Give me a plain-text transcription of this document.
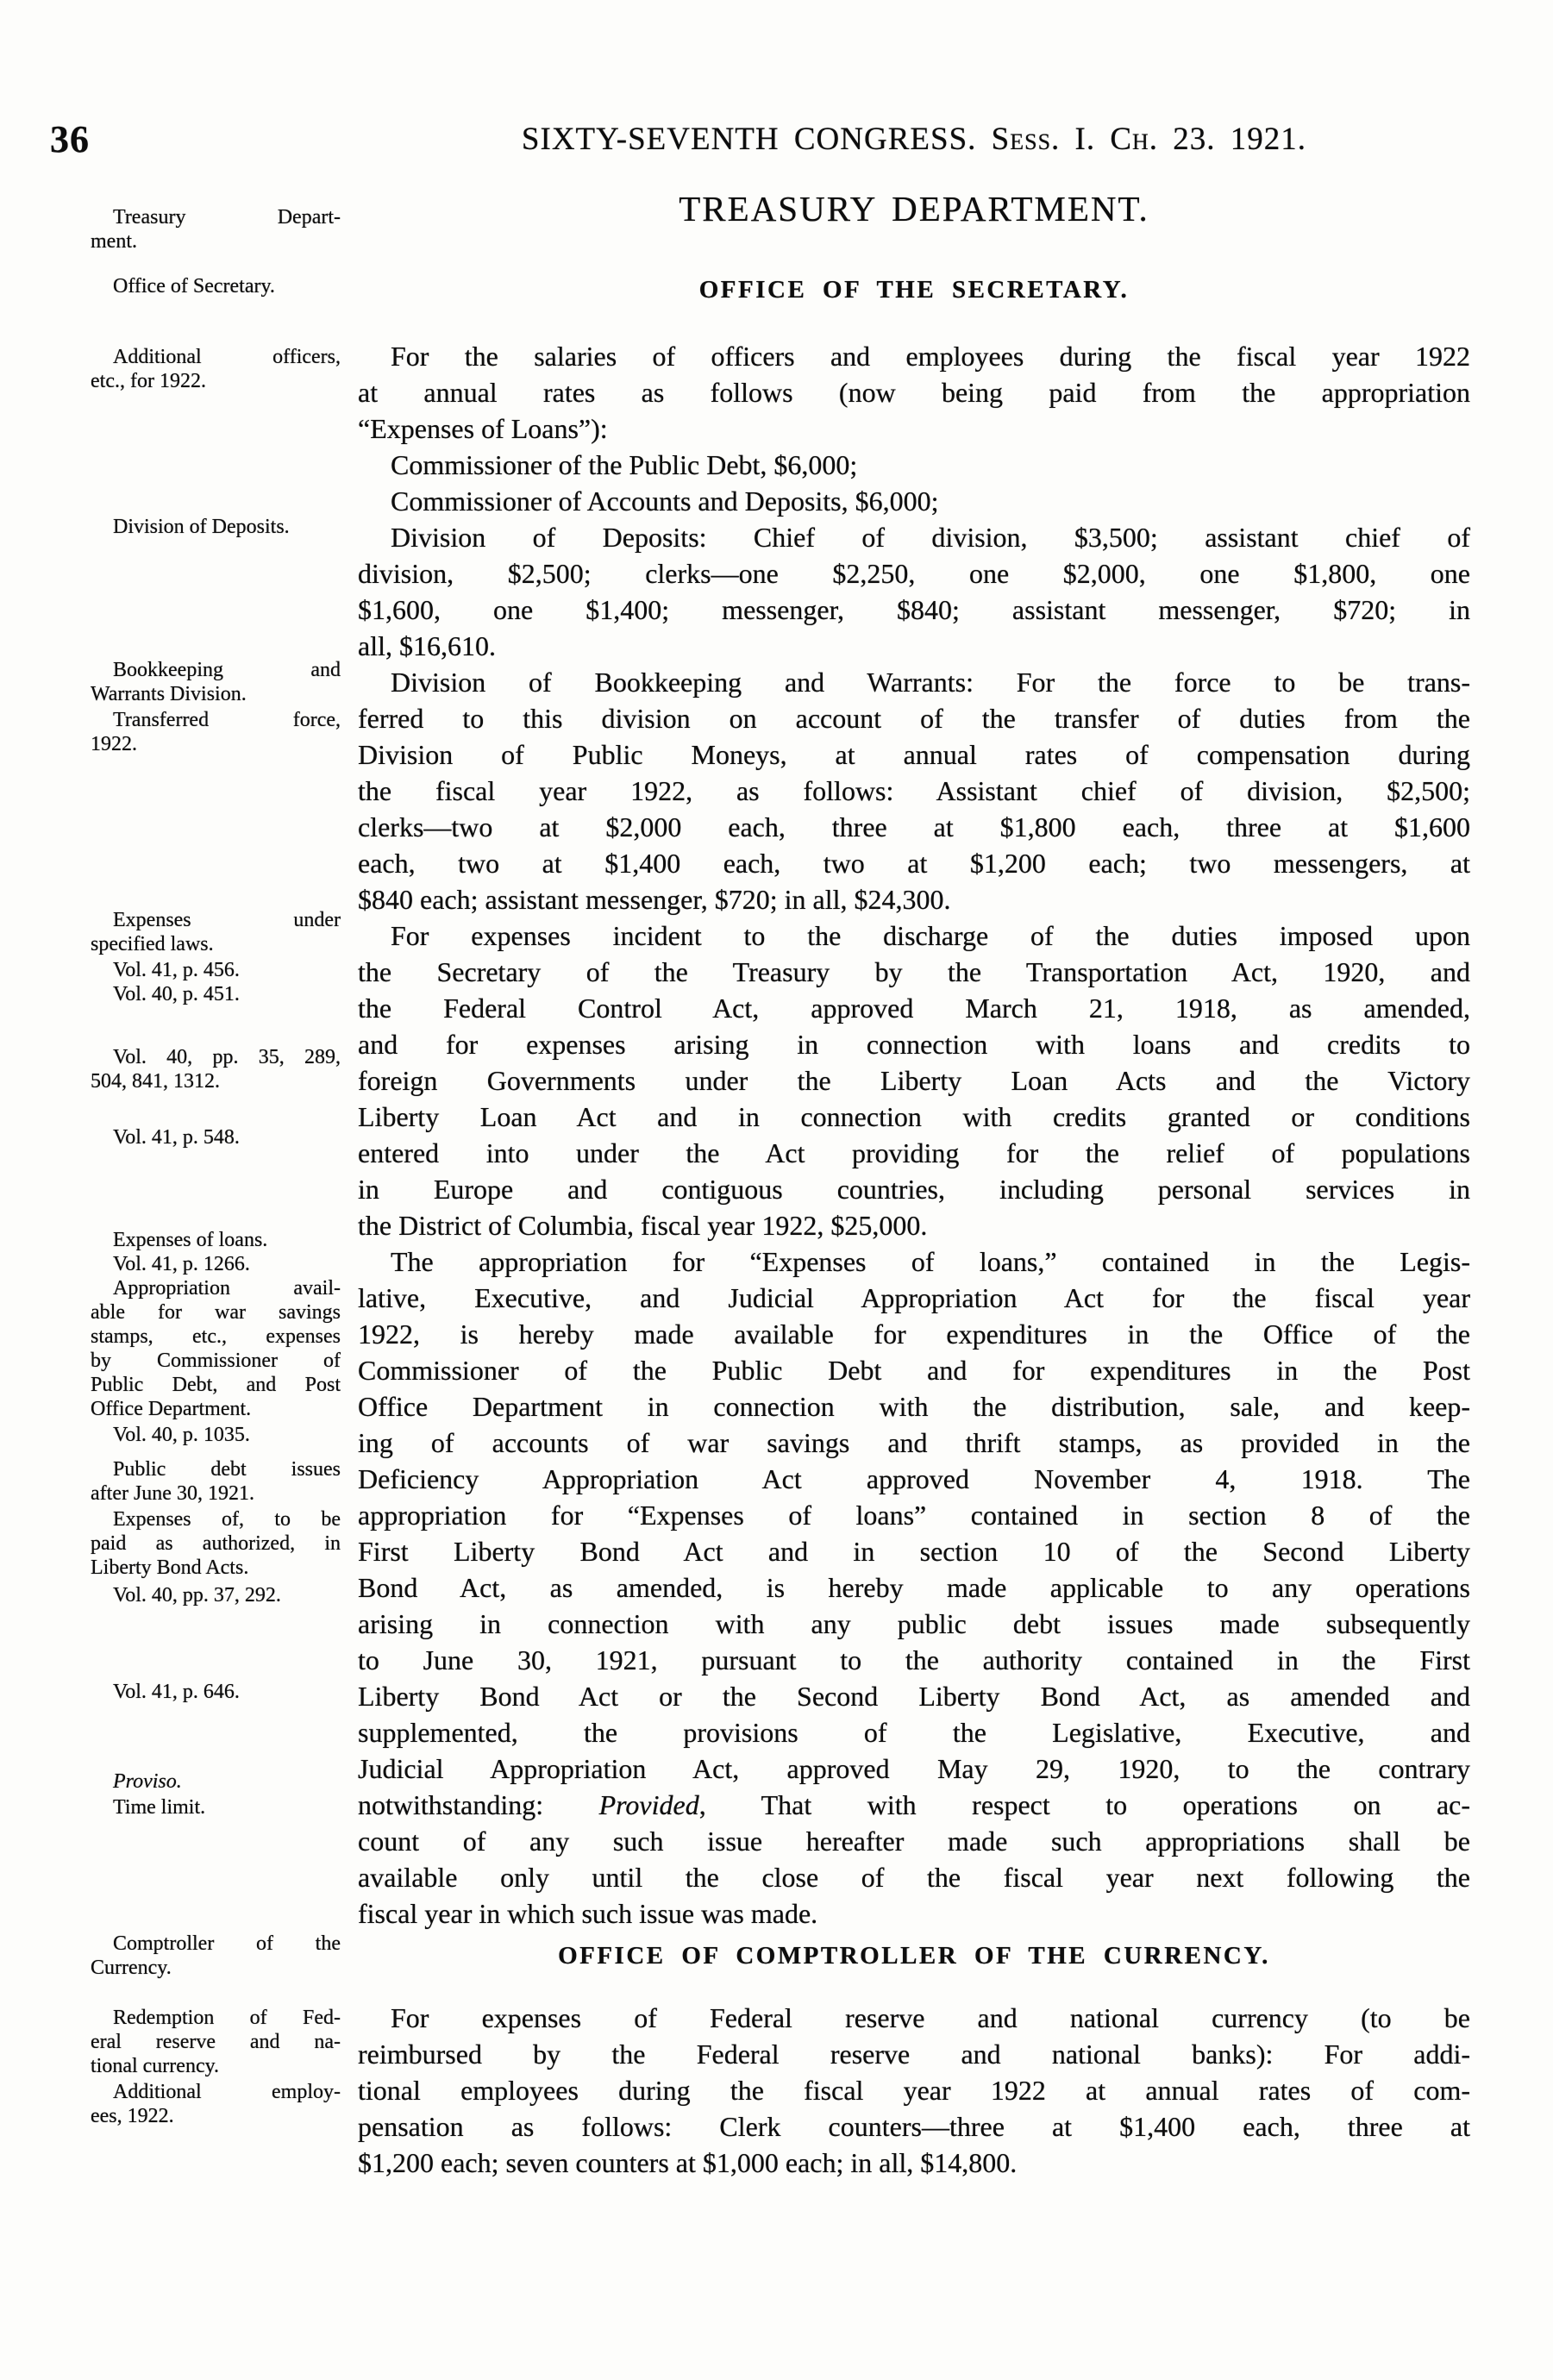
36	SIXTY-SEVENTH CONGRESS. Sess. I. Ch. 23. 1921.
TREASURY DEPARTMENT.
OFFICE OF THE SECRETARY.
Treasury Depart-
ment.
Office of Secretary.
Additional officers,
etc., for 1922.
Division of Deposits.
Bookkeeping and
Warrants Division.
Transferred force,
1922.
Expenses under
specified laws.
Vol. 41, p. 456.
Vol. 40, p. 451.
Vol. 40, pp. 35, 289,
504, 841, 1312.
Vol. 41, p. 548.
Expenses of loans.
Vol. 41, p. 1266.
Appropriation avail-
able for war savings
stamps, etc., expenses
by Commissioner of
Public Debt, and Post
Office Department.
Vol. 40, p. 1035.
Public debt issues
after June 30, 1921.
Expenses of, to be
paid as authorized, in
Liberty Bond Acts.
Vol. 40, pp. 37, 292.
Vol. 41, p. 646.
Proviso.
Time limit.
Comptroller of the
Currency.
Redemption of Fed-
eral reserve and na-
tional currency.
Additional employ-
ees, 1922.
For the salaries of officers and employees during the fiscal year 1922
at annual rates as follows (now being paid from the appropriation
“Expenses of Loans”):
Commissioner of the Public Debt, $6,000;
Commissioner of Accounts and Deposits, $6,000;
Division of Deposits: Chief of division, $3,500; assistant chief of
division, $2,500; clerks—one $2,250, one $2,000, one $1,800, one
$1,600, one $1,400; messenger, $840; assistant messenger, $720; in
all, $16,610.
Division of Bookkeeping and Warrants: For the force to be trans-
ferred to this division on account of the transfer of duties from the
Division of Public Moneys, at annual rates of compensation during
the fiscal year 1922, as follows: Assistant chief of division, $2,500;
clerks—two at $2,000 each, three at $1,800 each, three at $1,600
each, two at $1,400 each, two at $1,200 each; two messengers, at
$840 each; assistant messenger, $720; in all, $24,300.
For expenses incident to the discharge of the duties imposed upon
the Secretary of the Treasury by the Transportation Act, 1920, and
the Federal Control Act, approved March 21, 1918, as amended,
and for expenses arising in connection with loans and credits to
foreign Governments under the Liberty Loan Acts and the Victory
Liberty Loan Act and in connection with credits granted or conditions
entered into under the Act providing for the relief of populations
in Europe and contiguous countries, including personal services in
the District of Columbia, fiscal year 1922, $25,000.
The appropriation for “Expenses of loans,” contained in the Legis-
lative, Executive, and Judicial Appropriation Act for the fiscal year
1922, is hereby made available for expenditures in the Office of the
Commissioner of the Public Debt and for expenditures in the Post
Office Department in connection with the distribution, sale, and keep-
ing of accounts of war savings and thrift stamps, as provided in the
Deficiency Appropriation Act approved November 4, 1918. The
appropriation for “Expenses of loans” contained in section 8 of the
First Liberty Bond Act and in section 10 of the Second Liberty
Bond Act, as amended, is hereby made applicable to any operations
arising in connection with any public debt issues made subsequently
to June 30, 1921, pursuant to the authority contained in the First
Liberty Bond Act or the Second Liberty Bond Act, as amended and
supplemented, the provisions of the Legislative, Executive, and
Judicial Appropriation Act, approved May 29, 1920, to the contrary
notwithstanding: Provided, That with respect to operations on ac-
count of any such issue hereafter made such appropriations shall be
available only until the close of the fiscal year next following the
fiscal year in which such issue was made.
OFFICE OF COMPTROLLER OF THE CURRENCY.
For expenses of Federal reserve and national currency (to be
reimbursed by the Federal reserve and national banks): For addi-
tional employees during the fiscal year 1922 at annual rates of com-
pensation as follows: Clerk counters—three at $1,400 each, three at
$1,200 each; seven counters at $1,000 each; in all, $14,800.
